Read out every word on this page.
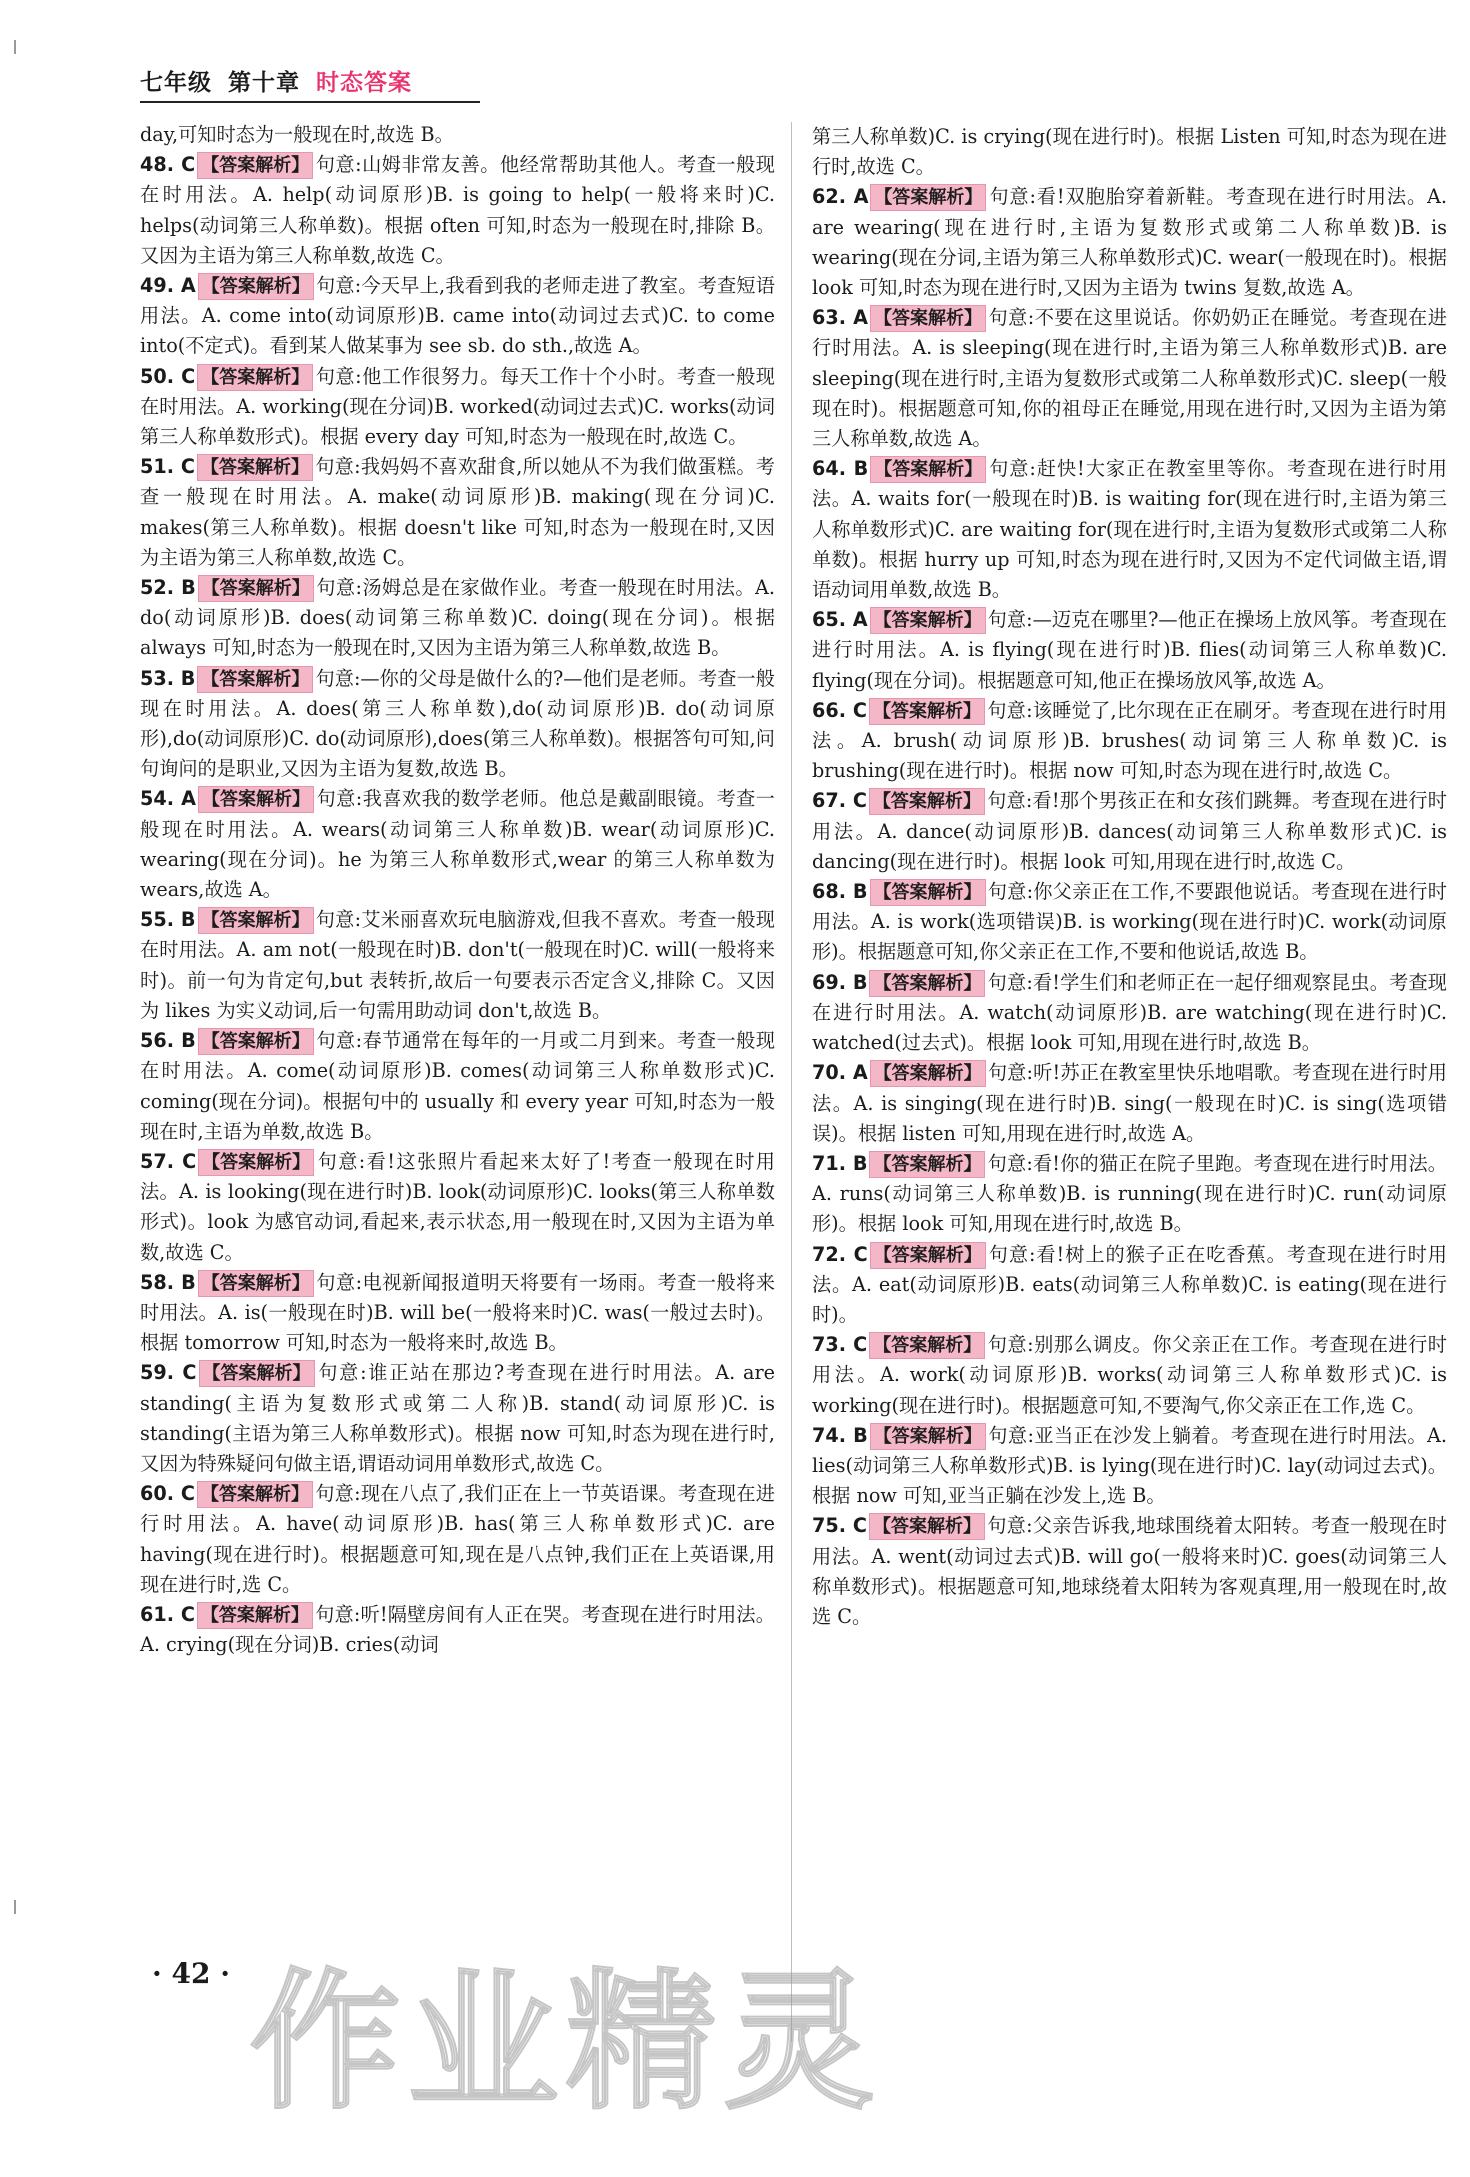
七年级 第十章 时态答案

day,可知时态为一般现在时,故选 B。

48. C 【答案解析】 句意:山姆非常友善。他经常帮助其他人。考查一般现在时用法。A. help(动词原形)B. is going to help(一般将来时)C. helps(动词第三人称单数)。根据 often 可知,时态为一般现在时,排除 B。又因为主语为第三人称单数,故选 C。

49. A 【答案解析】 句意:今天早上,我看到我的老师走进了教室。考查短语用法。A. come into(动词原形)B. came into(动词过去式)C. to come into(不定式)。看到某人做某事为 see sb. do sth.,故选 A。

50. C 【答案解析】 句意:他工作很努力。每天工作十个小时。考查一般现在时用法。A. working(现在分词)B. worked(动词过去式)C. works(动词第三人称单数形式)。根据 every day 可知,时态为一般现在时,故选 C。

51. C 【答案解析】 句意:我妈妈不喜欢甜食,所以她从不为我们做蛋糕。考查一般现在时用法。A. make(动词原形)B. making(现在分词)C. makes(第三人称单数)。根据 doesn't like 可知,时态为一般现在时,又因为主语为第三人称单数,故选 C。

52. B 【答案解析】 句意:汤姆总是在家做作业。考查一般现在时用法。A. do(动词原形)B. does(动词第三称单数)C. doing(现在分词)。根据 always 可知,时态为一般现在时,又因为主语为第三人称单数,故选 B。

53. B 【答案解析】 句意:—你的父母是做什么的?—他们是老师。考查一般现在时用法。A. does(第三人称单数),do(动词原形)B. do(动词原形),do(动词原形)C. do(动词原形),does(第三人称单数)。根据答句可知,问句询问的是职业,又因为主语为复数,故选 B。

54. A 【答案解析】 句意:我喜欢我的数学老师。他总是戴副眼镜。考查一般现在时用法。A. wears(动词第三人称单数)B. wear(动词原形)C. wearing(现在分词)。he 为第三人称单数形式,wear 的第三人称单数为 wears,故选 A。

55. B 【答案解析】 句意:艾米丽喜欢玩电脑游戏,但我不喜欢。考查一般现在时用法。A. am not(一般现在时)B. don't(一般现在时)C. will(一般将来时)。前一句为肯定句,but 表转折,故后一句要表示否定含义,排除 C。又因为 likes 为实义动词,后一句需用助动词 don't,故选 B。

56. B 【答案解析】 句意:春节通常在每年的一月或二月到来。考查一般现在时用法。A. come(动词原形)B. comes(动词第三人称单数形式)C. coming(现在分词)。根据句中的 usually 和 every year 可知,时态为一般现在时,主语为单数,故选 B。

57. C 【答案解析】 句意:看!这张照片看起来太好了!考查一般现在时用法。A. is looking(现在进行时)B. look(动词原形)C. looks(第三人称单数形式)。look 为感官动词,看起来,表示状态,用一般现在时,又因为主语为单数,故选 C。

58. B 【答案解析】 句意:电视新闻报道明天将要有一场雨。考查一般将来时用法。A. is(一般现在时)B. will be(一般将来时)C. was(一般过去时)。根据 tomorrow 可知,时态为一般将来时,故选 B。

59. C 【答案解析】 句意:谁正站在那边?考查现在进行时用法。A. are standing(主语为复数形式或第二人称)B. stand(动词原形)C. is standing(主语为第三人称单数形式)。根据 now 可知,时态为现在进行时,又因为特殊疑问句做主语,谓语动词用单数形式,故选 C。

60. C 【答案解析】 句意:现在八点了,我们正在上一节英语课。考查现在进行时用法。A. have(动词原形)B. has(第三人称单数形式)C. are having(现在进行时)。根据题意可知,现在是八点钟,我们正在上英语课,用现在进行时,选 C。

61. C 【答案解析】 句意:听!隔壁房间有人正在哭。考查现在进行时用法。A. crying(现在分词)B. cries(动词

第三人称单数)C. is crying(现在进行时)。根据 Listen 可知,时态为现在进行时,故选 C。

62. A 【答案解析】 句意:看!双胞胎穿着新鞋。考查现在进行时用法。A. are wearing(现在进行时,主语为复数形式或第二人称单数)B. is wearing(现在分词,主语为第三人称单数形式)C. wear(一般现在时)。根据 look 可知,时态为现在进行时,又因为主语为 twins 复数,故选 A。

63. A 【答案解析】 句意:不要在这里说话。你奶奶正在睡觉。考查现在进行时用法。A. is sleeping(现在进行时,主语为第三人称单数形式)B. are sleeping(现在进行时,主语为复数形式或第二人称单数形式)C. sleep(一般现在时)。根据题意可知,你的祖母正在睡觉,用现在进行时,又因为主语为第三人称单数,故选 A。

64. B 【答案解析】 句意:赶快!大家正在教室里等你。考查现在进行时用法。A. waits for(一般现在时)B. is waiting for(现在进行时,主语为第三人称单数形式)C. are waiting for(现在进行时,主语为复数形式或第二人称单数)。根据 hurry up 可知,时态为现在进行时,又因为不定代词做主语,谓语动词用单数,故选 B。

65. A 【答案解析】 句意:—迈克在哪里?—他正在操场上放风筝。考查现在进行时用法。A. is flying(现在进行时)B. flies(动词第三人称单数)C. flying(现在分词)。根据题意可知,他正在操场放风筝,故选 A。

66. C 【答案解析】 句意:该睡觉了,比尔现在正在刷牙。考查现在进行时用法。A. brush(动词原形)B. brushes(动词第三人称单数)C. is brushing(现在进行时)。根据 now 可知,时态为现在进行时,故选 C。

67. C 【答案解析】 句意:看!那个男孩正在和女孩们跳舞。考查现在进行时用法。A. dance(动词原形)B. dances(动词第三人称单数形式)C. is dancing(现在进行时)。根据 look 可知,用现在进行时,故选 C。

68. B 【答案解析】 句意:你父亲正在工作,不要跟他说话。考查现在进行时用法。A. is work(选项错误)B. is working(现在进行时)C. work(动词原形)。根据题意可知,你父亲正在工作,不要和他说话,故选 B。

69. B 【答案解析】 句意:看!学生们和老师正在一起仔细观察昆虫。考查现在进行时用法。A. watch(动词原形)B. are watching(现在进行时)C. watched(过去式)。根据 look 可知,用现在进行时,故选 B。

70. A 【答案解析】 句意:听!苏正在教室里快乐地唱歌。考查现在进行时用法。A. is singing(现在进行时)B. sing(一般现在时)C. is sing(选项错误)。根据 listen 可知,用现在进行时,故选 A。

71. B 【答案解析】 句意:看!你的猫正在院子里跑。考查现在进行时用法。A. runs(动词第三人称单数)B. is running(现在进行时)C. run(动词原形)。根据 look 可知,用现在进行时,故选 B。

72. C 【答案解析】 句意:看!树上的猴子正在吃香蕉。考查现在进行时用法。A. eat(动词原形)B. eats(动词第三人称单数)C. is eating(现在进行时)。

73. C 【答案解析】 句意:别那么调皮。你父亲正在工作。考查现在进行时用法。A. work(动词原形)B. works(动词第三人称单数形式)C. is working(现在进行时)。根据题意可知,不要淘气,你父亲正在工作,选 C。

74. B 【答案解析】 句意:亚当正在沙发上躺着。考查现在进行时用法。A. lies(动词第三人称单数形式)B. is lying(现在进行时)C. lay(动词过去式)。根据 now 可知,亚当正躺在沙发上,选 B。

75. C 【答案解析】 句意:父亲告诉我,地球围绕着太阳转。考查一般现在时用法。A. went(动词过去式)B. will go(一般将来时)C. goes(动词第三人称单数形式)。根据题意可知,地球绕着太阳转为客观真理,用一般现在时,故选 C。

· 42 · 作业精灵
